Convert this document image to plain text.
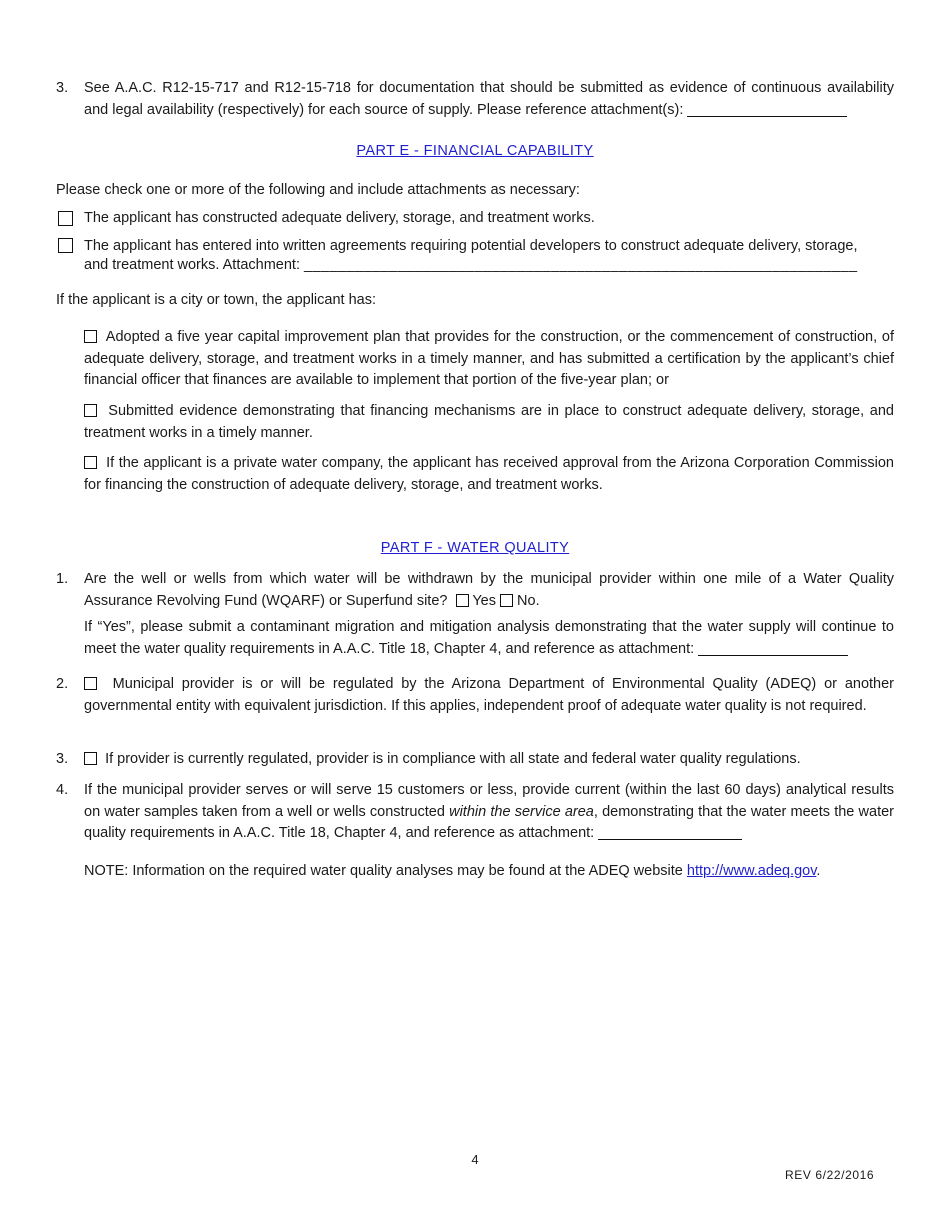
3. See A.A.C. R12-15-717 and R12-15-718 for documentation that should be submitted as evidence of continuous availability and legal availability (respectively) for each source of supply. Please reference attachment(s):
PART E - FINANCIAL CAPABILITY
Please check one or more of the following and include attachments as necessary:
The applicant has constructed adequate delivery, storage, and treatment works.
The applicant has entered into written agreements requiring potential developers to construct adequate delivery, storage,
and treatment works. Attachment: _________________________________________________________________
If the applicant is a city or town, the applicant has:
Adopted a five year capital improvement plan that provides for the construction, or the commencement of construction, of adequate delivery, storage, and treatment works in a timely manner, and has submitted a certification by the applicant’s chief financial officer that finances are available to implement that portion of the five-year plan; or
Submitted evidence demonstrating that financing mechanisms are in place to construct adequate delivery, storage, and treatment works in a timely manner.
If the applicant is a private water company, the applicant has received approval from the Arizona Corporation Commission for financing the construction of adequate delivery, storage, and treatment works.
PART F - WATER QUALITY
1. Are the well or wells from which water will be withdrawn by the municipal provider within one mile of a Water Quality Assurance Revolving Fund (WQARF) or Superfund site? Yes No.
If “Yes”, please submit a contaminant migration and mitigation analysis demonstrating that the water supply will continue to meet the water quality requirements in A.A.C. Title 18, Chapter 4, and reference as attachment:
2.	Municipal provider is or will be regulated by the Arizona Department of Environmental Quality (ADEQ) or another governmental entity with equivalent jurisdiction. If this applies, independent proof of adequate water quality is not required.
3.	If provider is currently regulated, provider is in compliance with all state and federal water quality regulations.
4. If the municipal provider serves or will serve 15 customers or less, provide current (within the last 60 days) analytical results on water samples taken from a well or wells constructed within the service area, demonstrating that the water meets the water quality requirements in A.A.C. Title 18, Chapter 4, and reference as attachment:
NOTE: Information on the required water quality analyses may be found at the ADEQ website http://www.adeq.gov.
4
REV 6/22/2016
